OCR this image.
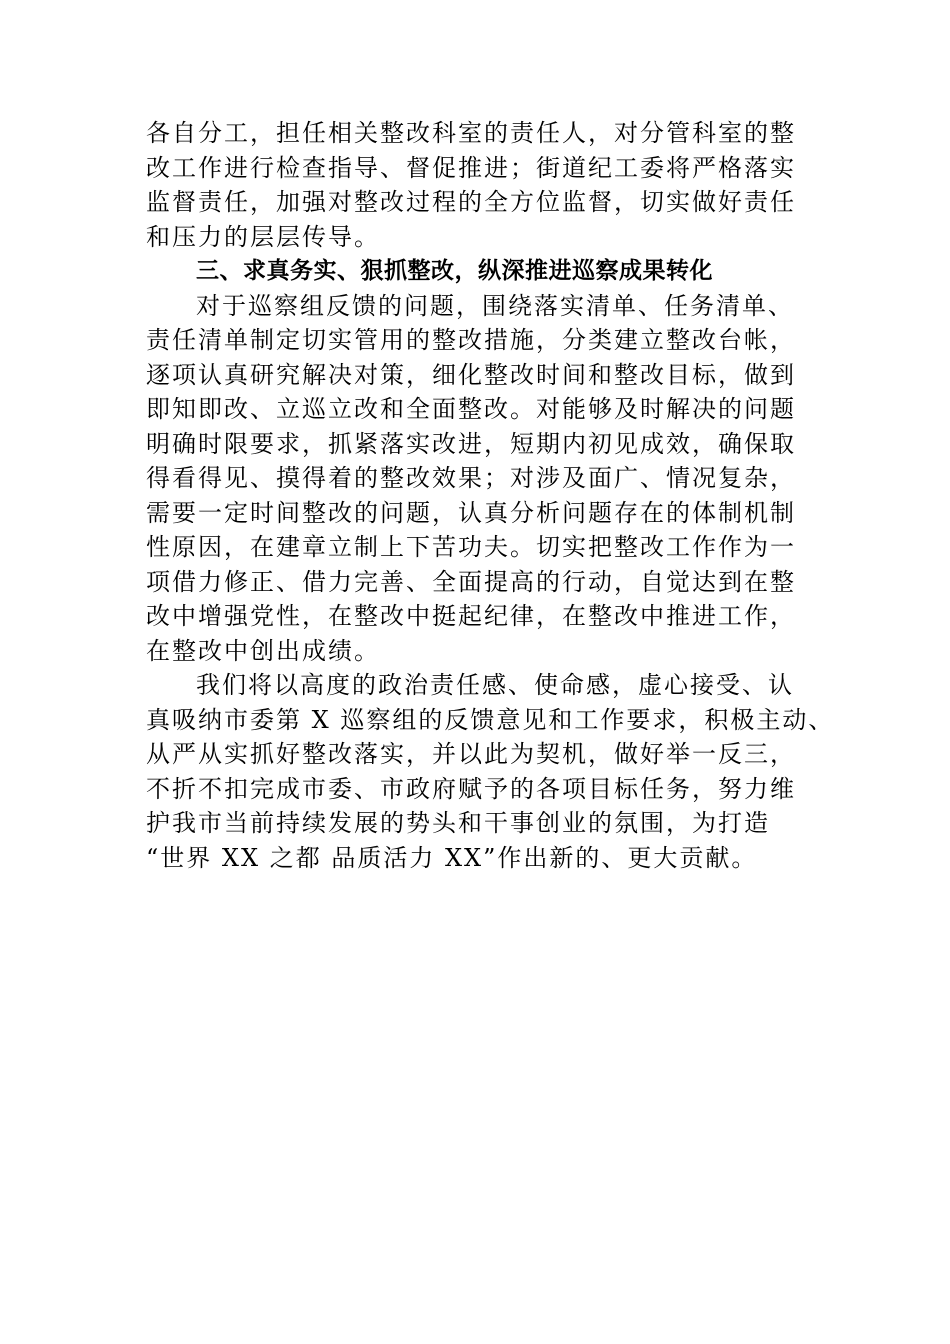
各自分工，担任相关整改科室的责任人，对分管科室的整
改工作进行检查指导、督促推进；街道纪工委将严格落实
监督责任，加强对整改过程的全方位监督，切实做好责任
和压力的层层传导。
三、求真务实、狠抓整改，纵深推进巡察成果转化
对于巡察组反馈的问题，围绕落实清单、任务清单、
责任清单制定切实管用的整改措施，分类建立整改台帐，
逐项认真研究解决对策，细化整改时间和整改目标，做到
即知即改、立巡立改和全面整改。对能够及时解决的问题
明确时限要求，抓紧落实改进，短期内初见成效，确保取
得看得见、摸得着的整改效果；对涉及面广、情况复杂，
需要一定时间整改的问题，认真分析问题存在的体制机制
性原因，在建章立制上下苦功夫。切实把整改工作作为一
项借力修正、借力完善、全面提高的行动，自觉达到在整
改中增强党性，在整改中挺起纪律，在整改中推进工作，
在整改中创出成绩。
我们将以高度的政治责任感、使命感，虚心接受、认
真吸纳市委第 X 巡察组的反馈意见和工作要求，积极主动、
从严从实抓好整改落实，并以此为契机，做好举一反三，
不折不扣完成市委、市政府赋予的各项目标任务，努力维
护我市当前持续发展的势头和干事创业的氛围，为打造
“世界 XX 之都 品质活力 XX”作出新的、更大贡献。
